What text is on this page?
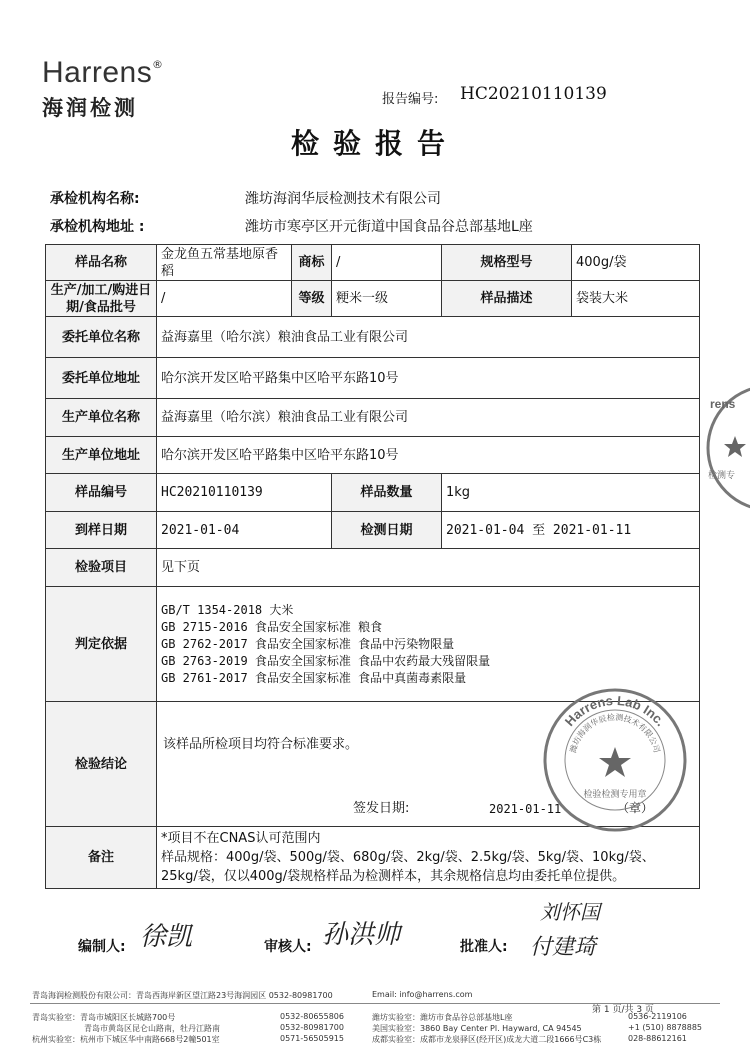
Harrens ®
海润检测	报告编号: HC20210110139
检验报告
承检机构名称:	潍坊海润华辰检测技术有限公司
承检机构地址 :	潍坊市寒亭区开元街道中国食品谷总部基地L座
样品名称	金龙鱼五常基地原香稻	商标	/	规格型号	400g/袋
生产/加工/购进日期/食品批号	/	等级	粳米一级	样品描述	袋装大米
委托单位名称	益海嘉里（哈尔滨）粮油食品工业有限公司				
委托单位地址	哈尔滨开发区哈平路集中区哈平东路10号				
生产单位名称	益海嘉里（哈尔滨）粮油食品工业有限公司				
生产单位地址	哈尔滨开发区哈平路集中区哈平东路10号				
样品编号	HC20210110139		样品数量	1kg	
到样日期	2021-01-04		检测日期	2021-01-04 至 2021-01-11	
检验项目	见下页				
判定依据	GB/T 1354-2018 大米
GB 2715-2016 食品安全国家标准 粮食
GB 2762-2017 食品安全国家标准 食品中污染物限量
GB 2763-2019 食品安全国家标准 食品中农药最大残留限量
GB 2761-2017 食品安全国家标准 食品中真菌毒素限量				

检验结论	该样品所检项目均符合标准要求。
签发日期: 2021-01-11 （章）				

备注	*项目不在CNAS认可范围内
样品规格：400g/袋、500g/袋、680g/袋、2kg/袋、2.5kg/袋、5kg/袋、10kg/袋、
25kg/袋，仅以400g/袋规格样品为检测样本，其余规格信息均由委托单位提供。				
Harrens Lab Inc.
潍坊海润华辰检测技术有限公司
检验检测专用章
rens
检测专
编制人: 徐凯	审核人: 孙洪帅	批准人:
刘怀国
付建琦
青岛海润检测股份有限公司：青岛西海岸新区望江路23号海润园区 0532-80981700	Email: info@harrens.com
第 1 页/共 3 页
青岛实验室：青岛市城阳区长城路700号	0532-80655806
青岛市黄岛区昆仑山路南，牡丹江路南	0532-80981700
杭州实验室：杭州市下城区华中南路668号2幢501室	0571-56505915
潍坊实验室：潍坊市食品谷总部基地L座	0536-2119106
美国实验室：3860 Bay Center Pl. Hayward, CA 94545	+1 (510) 8878885
成都实验室：成都市龙泉驿区(经开区)成龙大道二段1666号C3栋	028-88612161
